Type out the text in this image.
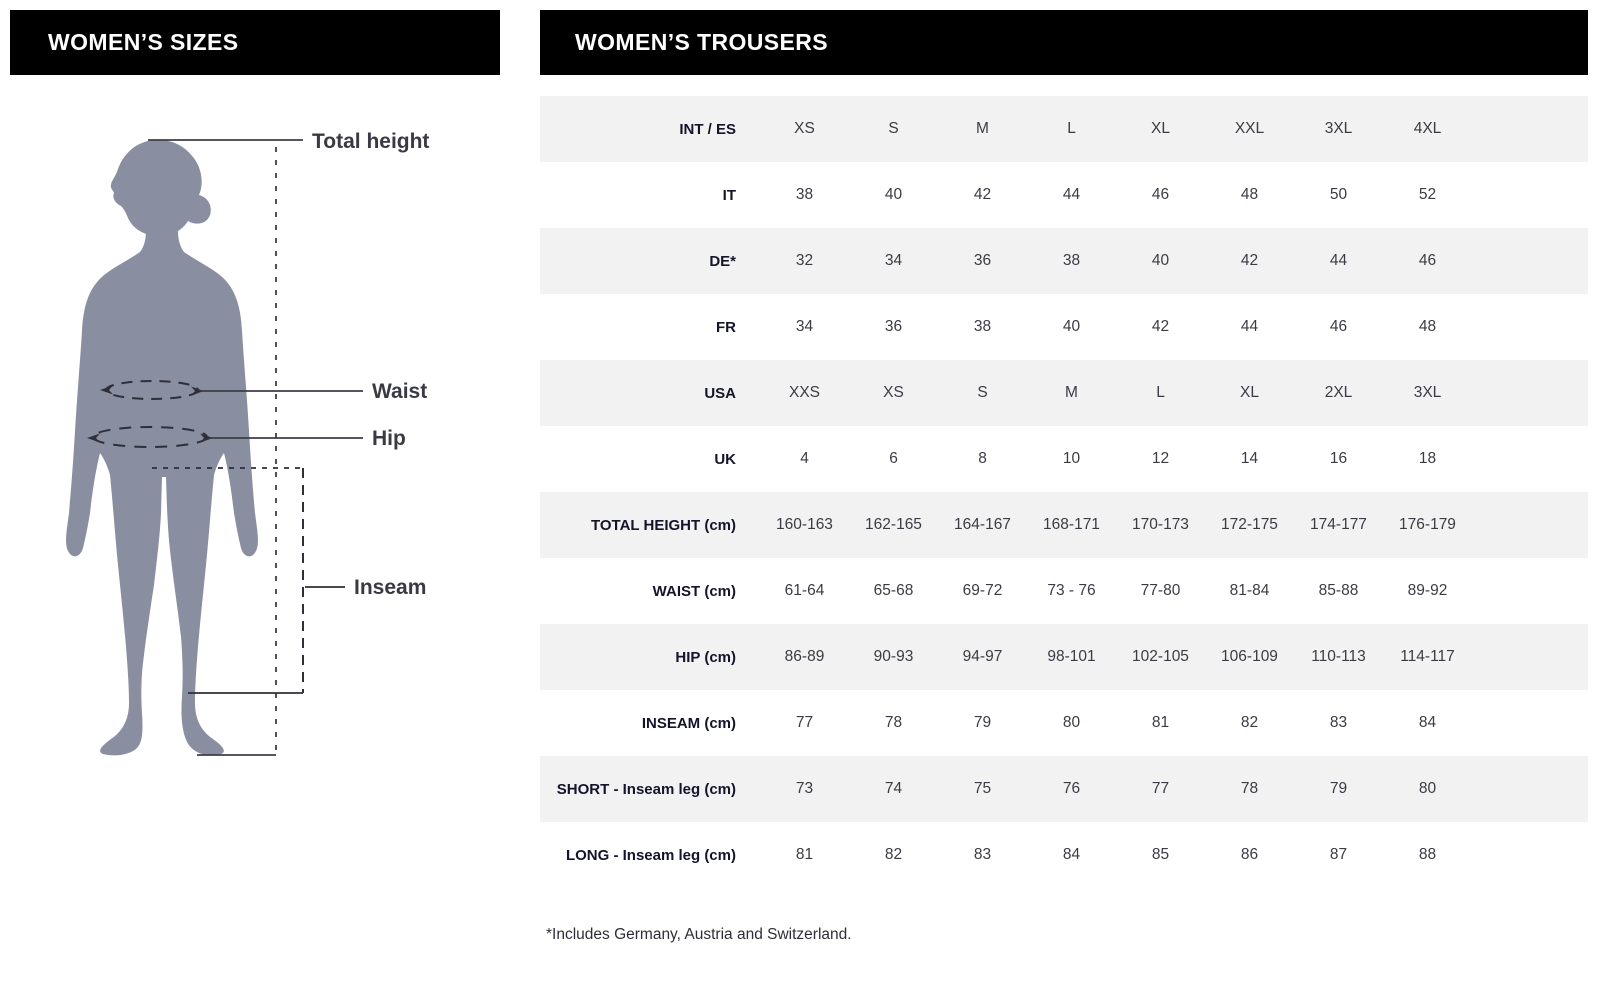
WOMEN’S SIZES	WOMEN’S TROUSERS
Total height
Waist
Hip
Inseam
INT / ES	XS	S	M	L	XL	XXL	3XL	4XL
IT	38	40	42	44	46	48	50	52
DE*	32	34	36	38	40	42	44	46
FR	34	36	38	40	42	44	46	48
USA	XXS	XS	S	M	L	XL	2XL	3XL
UK	4	6	8	10	12	14	16	18
TOTAL HEIGHT (cm)	160-163	162-165	164-167	168-171	170-173	172-175	174-177	176-179
WAIST (cm)	61-64	65-68	69-72	73 - 76	77-80	81-84	85-88	89-92
HIP (cm)	86-89	90-93	94-97	98-101	102-105	106-109	110-113	114-117
INSEAM (cm)	77	78	79	80	81	82	83	84
SHORT - Inseam leg (cm)	73	74	75	76	77	78	79	80
LONG - Inseam leg (cm)	81	82	83	84	85	86	87	88
*Includes Germany, Austria and Switzerland.
